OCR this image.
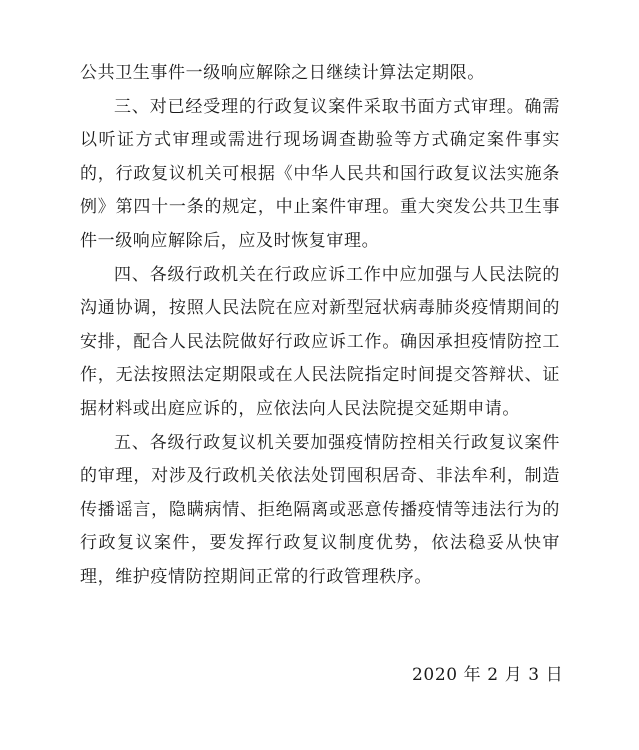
公共卫生事件一级响应解除之日继续计算法定期限。

三、对已经受理的行政复议案件采取书面方式审理。确需以听证方式审理或需进行现场调查勘验等方式确定案件事实的，行政复议机关可根据《中华人民共和国行政复议法实施条例》第四十一条的规定，中止案件审理。重大突发公共卫生事件一级响应解除后，应及时恢复审理。

四、各级行政机关在行政应诉工作中应加强与人民法院的沟通协调，按照人民法院在应对新型冠状病毒肺炎疫情期间的安排，配合人民法院做好行政应诉工作。确因承担疫情防控工作，无法按照法定期限或在人民法院指定时间提交答辩状、证据材料或出庭应诉的，应依法向人民法院提交延期申请。

五、各级行政复议机关要加强疫情防控相关行政复议案件的审理，对涉及行政机关依法处罚囤积居奇、非法牟利，制造传播谣言，隐瞒病情、拒绝隔离或恶意传播疫情等违法行为的行政复议案件，要发挥行政复议制度优势，依法稳妥从快审理，维护疫情防控期间正常的行政管理秩序。

2020 年 2 月 3 日
